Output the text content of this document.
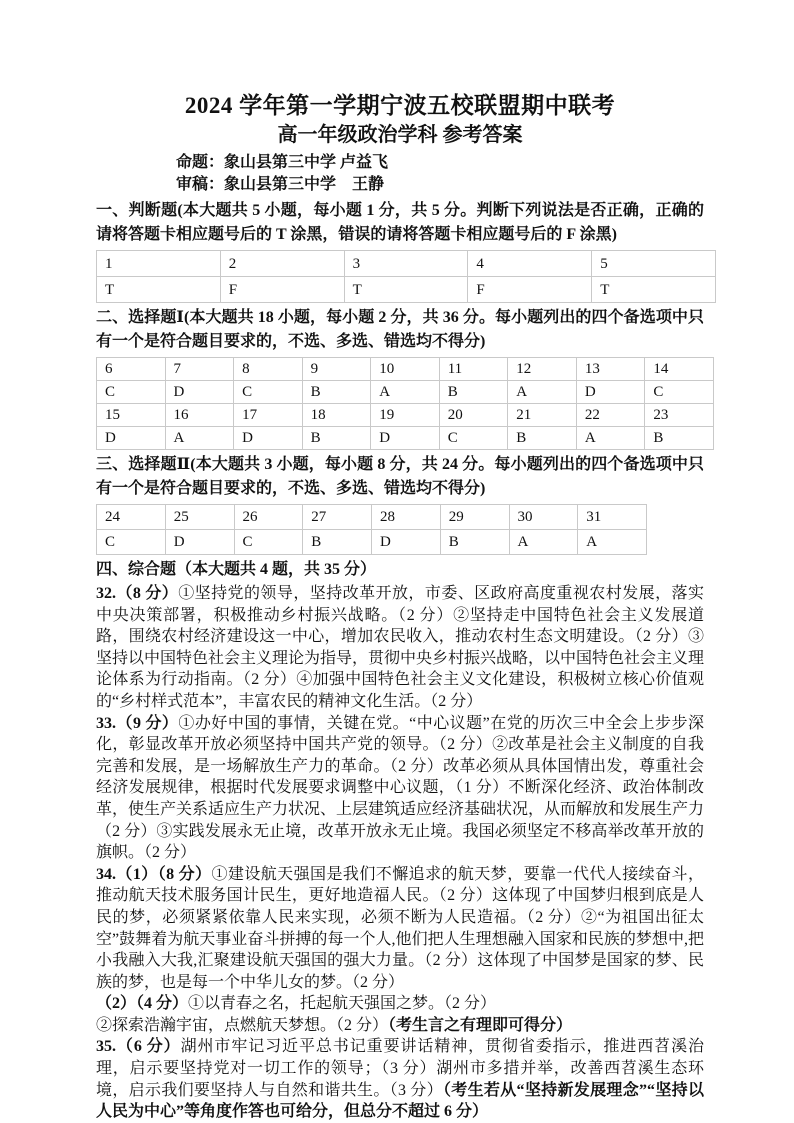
2024 学年第一学期宁波五校联盟期中联考
高一年级政治学科 参考答案

命题：象山县第三中学 卢益飞

审稿：象山县第三中学　王静

一、判断题(本大题共 5 小题，每小题 1 分，共 5 分。判断下列说法是否正确，正确的请将答题卡相应题号后的 T 涂黑，错误的请将答题卡相应题号后的 F 涂黑)

1	2	3	4	5
T	F	T	F	T

二、选择题Ⅰ(本大题共 18 小题，每小题 2 分，共 36 分。每小题列出的四个备选项中只有一个是符合题目要求的，不选、多选、错选均不得分)

6	7	8	9	10	11	12	13	14
C	D	C	B	A	B	A	D	C
15	16	17	18	19	20	21	22	23
D	A	D	B	D	C	B	A	B

三、选择题Ⅱ(本大题共 3 小题，每小题 8 分，共 24 分。每小题列出的四个备选项中只有一个是符合题目要求的，不选、多选、错选均不得分)

24	25	26	27	28	29	30	31
C	D	C	B	D	B	A	A

四、综合题（本大题共 4 题，共 35 分）

32.（8 分）①坚持党的领导，坚持改革开放，市委、区政府高度重视农村发展，落实中央决策部署，积极推动乡村振兴战略。（2 分）②坚持走中国特色社会主义发展道路，围绕农村经济建设这一中心，增加农民收入，推动农村生态文明建设。（2 分）③坚持以中国特色社会主义理论为指导，贯彻中央乡村振兴战略，以中国特色社会主义理论体系为行动指南。（2 分）④加强中国特色社会主义文化建设，积极树立核心价值观的“乡村样式范本”，丰富农民的精神文化生活。（2 分）

33.（9 分）①办好中国的事情，关键在党。“中心议题”在党的历次三中全会上步步深化，彰显改革开放必须坚持中国共产党的领导。（2 分）②改革是社会主义制度的自我完善和发展，是一场解放生产力的革命。（2 分）改革必须从具体国情出发，尊重社会经济发展规律，根据时代发展要求调整中心议题，（1 分）不断深化经济、政治体制改革，使生产关系适应生产力状况、上层建筑适应经济基础状况，从而解放和发展生产力（2 分）③实践发展永无止境，改革开放永无止境。我国必须坚定不移高举改革开放的旗帜。（2 分）

34.（1）（8 分）①建设航天强国是我们不懈追求的航天梦，要靠一代代人接续奋斗，推动航天技术服务国计民生，更好地造福人民。（2 分）这体现了中国梦归根到底是人民的梦，必须紧紧依靠人民来实现，必须不断为人民造福。（2 分）②“为祖国出征太空”鼓舞着为航天事业奋斗拼搏的每一个人,他们把人生理想融入国家和民族的梦想中,把小我融入大我,汇聚建设航天强国的强大力量。（2 分）这体现了中国梦是国家的梦、民族的梦，也是每一个中华儿女的梦。（2 分）

（2）（4 分）①以青春之名，托起航天强国之梦。（2 分）

②探索浩瀚宇宙，点燃航天梦想。（2 分）（考生言之有理即可得分）

35.（6 分）湖州市牢记习近平总书记重要讲话精神，贯彻省委指示，推进西苕溪治理，启示要坚持党对一切工作的领导；（3 分）湖州市多措并举，改善西苕溪生态环境，启示我们要坚持人与自然和谐共生。（3 分）（考生若从“坚持新发展理念”“坚持以人民为中心”等角度作答也可给分，但总分不超过 6 分）
